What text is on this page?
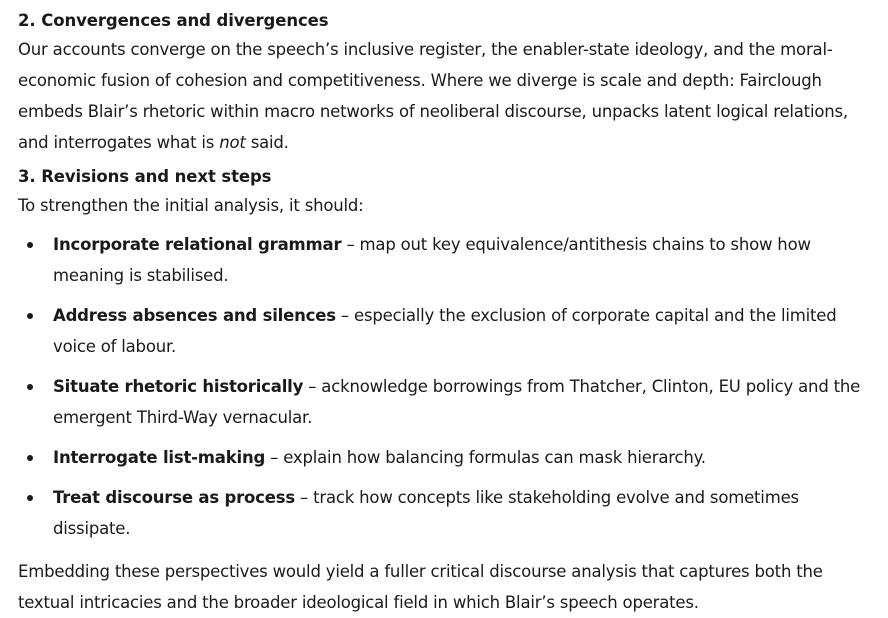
2. Convergences and divergences

Our accounts converge on the speech’s inclusive register, the enabler-state ideology, and the moral-economic fusion of cohesion and competitiveness. Where we diverge is scale and depth: Fairclough embeds Blair’s rhetoric within macro networks of neoliberal discourse, unpacks latent logical relations, and interrogates what is not said.

3. Revisions and next steps

To strengthen the initial analysis, it should:

Incorporate relational grammar – map out key equivalence/antithesis chains to show how meaning is stabilised.
Address absences and silences – especially the exclusion of corporate capital and the limited voice of labour.
Situate rhetoric historically – acknowledge borrowings from Thatcher, Clinton, EU policy and the emergent Third-Way vernacular.
Interrogate list-making – explain how balancing formulas can mask hierarchy.
Treat discourse as process – track how concepts like stakeholding evolve and sometimes dissipate.

Embedding these perspectives would yield a fuller critical discourse analysis that captures both the textual intricacies and the broader ideological field in which Blair’s speech operates.
